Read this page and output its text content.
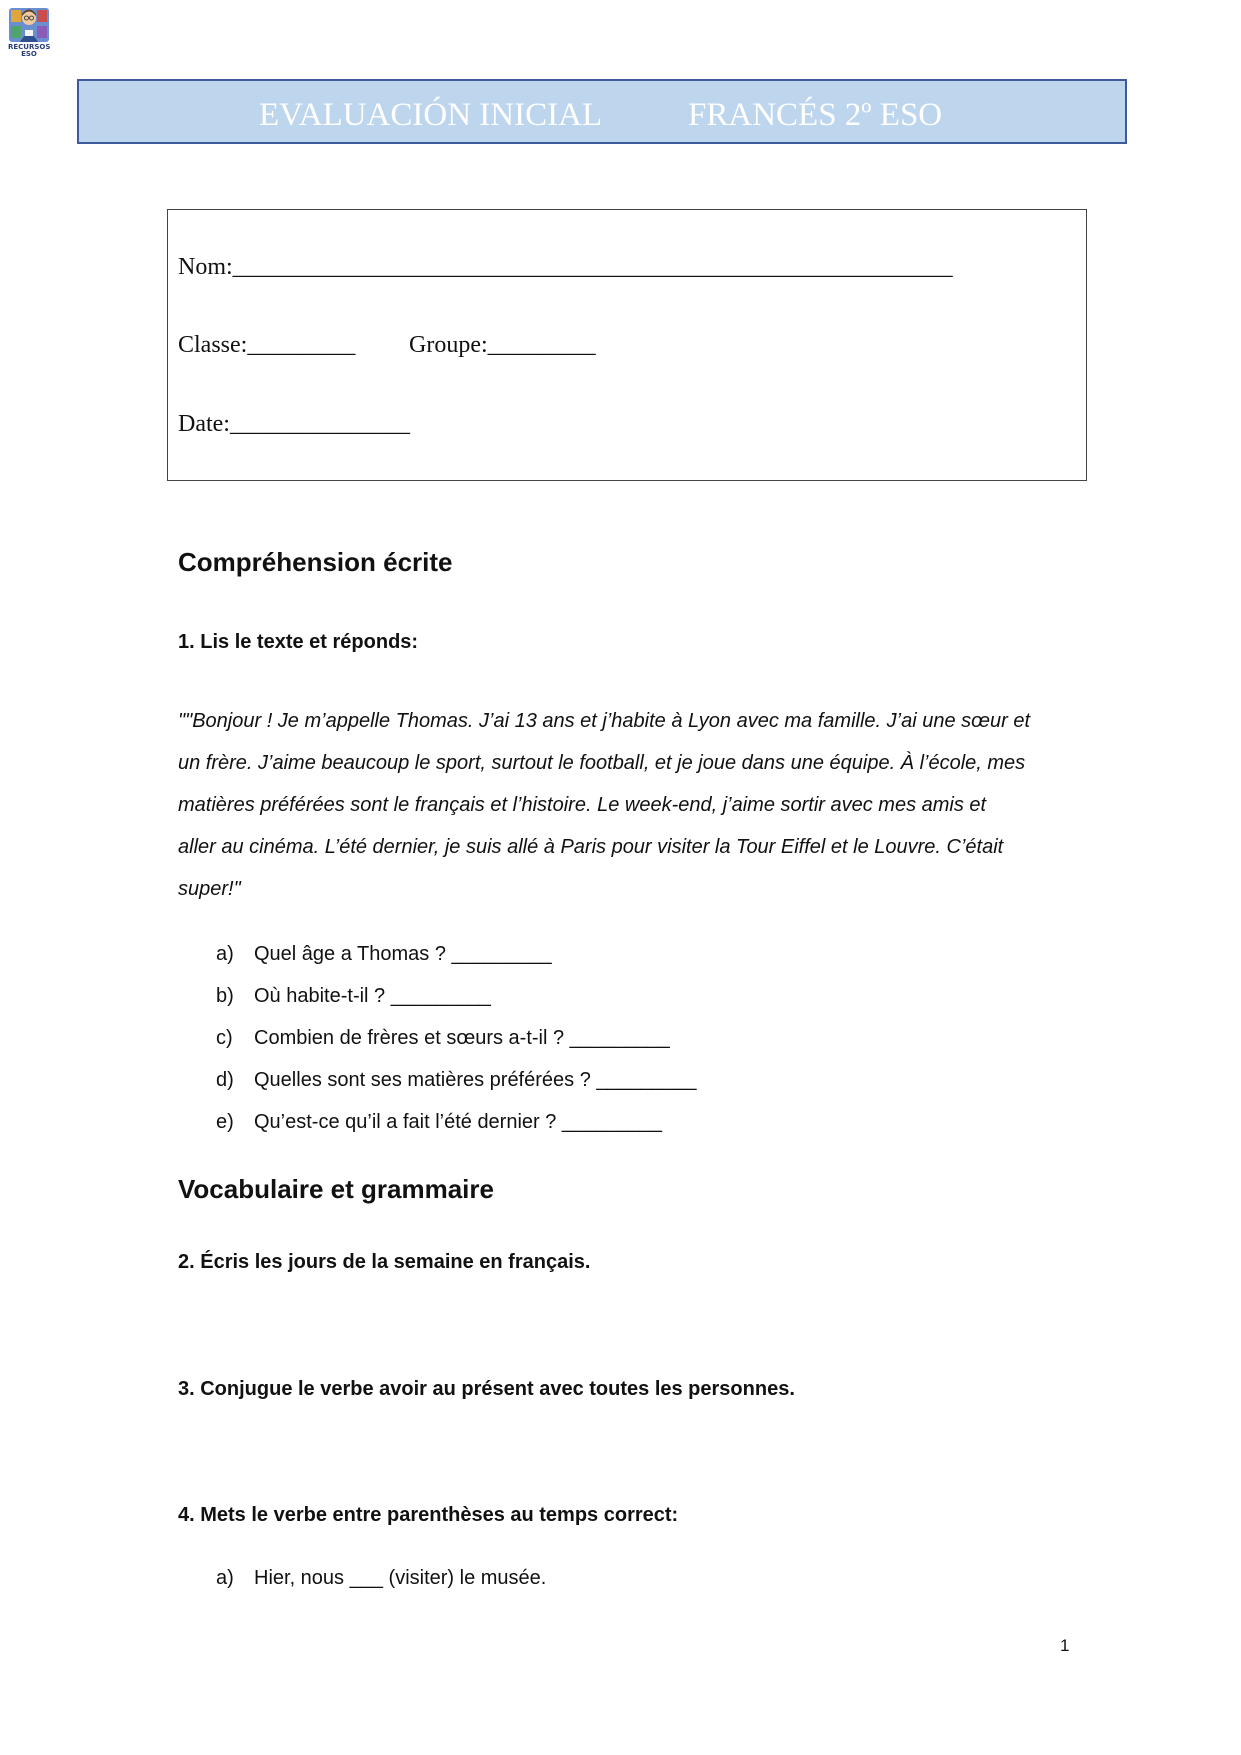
RECURSOS ESO
EVALUACIÓN INICIAL	FRANCÉS 2º ESO
Nom:____________________________________________________________
Classe:_________ Groupe:_________
Date:_______________
Compréhension écrite
1. Lis le texte et réponds:
""Bonjour ! Je m’appelle Thomas. J’ai 13 ans et j’habite à Lyon avec ma famille. J’ai une sœur et
un frère. J’aime beaucoup le sport, surtout le football, et je joue dans une équipe. À l’école, mes
matières préférées sont le français et l’histoire. Le week-end, j’aime sortir avec mes amis et
aller au cinéma. L’été dernier, je suis allé à Paris pour visiter la Tour Eiffel et le Louvre. C’était
super!"
a) Quel âge a Thomas ? _________
b) Où habite-t-il ? _________
c) Combien de frères et sœurs a-t-il ? _________
d) Quelles sont ses matières préférées ? _________
e) Qu’est-ce qu’il a fait l’été dernier ? _________
Vocabulaire et grammaire
2. Écris les jours de la semaine en français.
3. Conjugue le verbe avoir au présent avec toutes les personnes.
4. Mets le verbe entre parenthèses au temps correct:
a) Hier, nous ___ (visiter) le musée.
1
